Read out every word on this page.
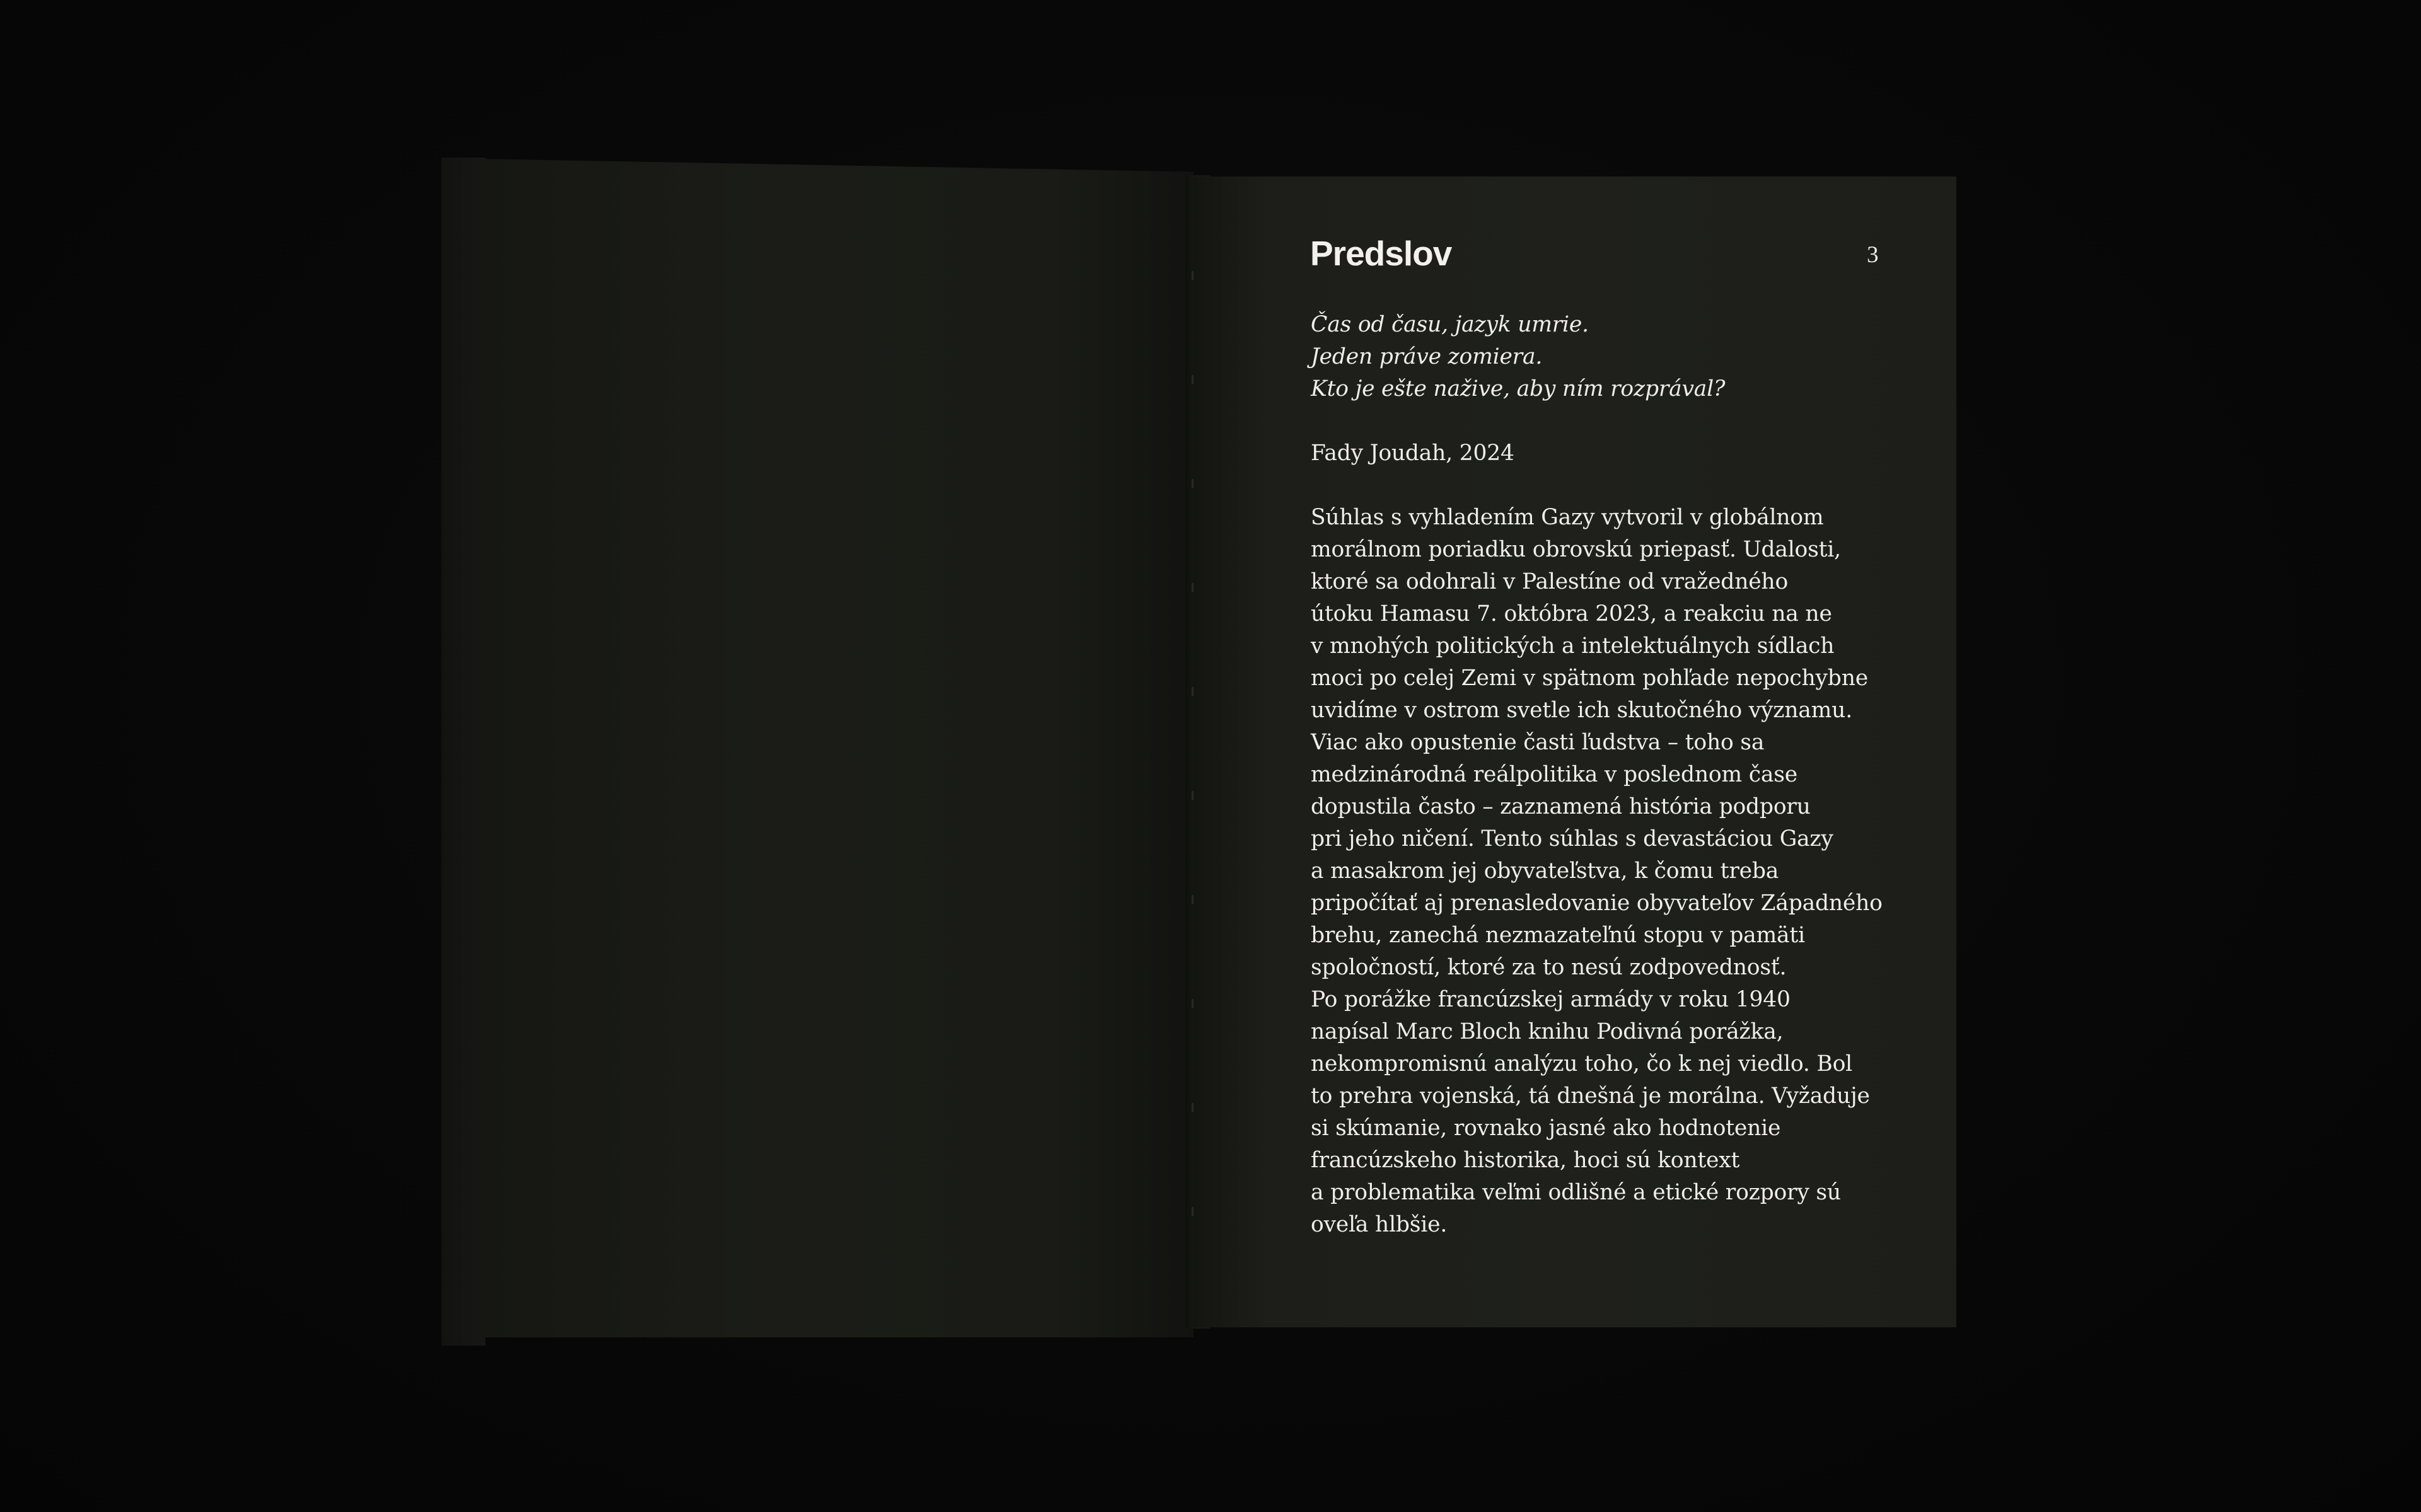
Predslov	3

Čas od času, jazyk umrie.
Jeden práve zomiera.
Kto je ešte nažive, aby ním rozprával?

Fady Joudah, 2024

Súhlas s vyhladením Gazy vytvoril v globálnom
morálnom poriadku obrovskú priepasť. Udalosti,
ktoré sa odohrali v Palestíne od vražedného
útoku Hamasu 7. októbra 2023, a reakciu na ne
v mnohých politických a intelektuálnych sídlach
moci po celej Zemi v spätnom pohľade nepochybne
uvidíme v ostrom svetle ich skutočného významu.
Viac ako opustenie časti ľudstva – toho sa
medzinárodná reálpolitika v poslednom čase
dopustila často – zaznamená história podporu
pri jeho ničení. Tento súhlas s devastáciou Gazy
a masakrom jej obyvateľstva, k čomu treba
pripočítať aj prenasledovanie obyvateľov Západného
brehu, zanechá nezmazateľnú stopu v pamäti
spoločností, ktoré za to nesú zodpovednosť.
Po porážke francúzskej armády v roku 1940
napísal Marc Bloch knihu Podivná porážka,
nekompromisnú analýzu toho, čo k nej viedlo. Bol
to prehra vojenská, tá dnešná je morálna. Vyžaduje
si skúmanie, rovnako jasné ako hodnotenie
francúzskeho historika, hoci sú kontext
a problematika veľmi odlišné a etické rozpory sú
oveľa hlbšie.
